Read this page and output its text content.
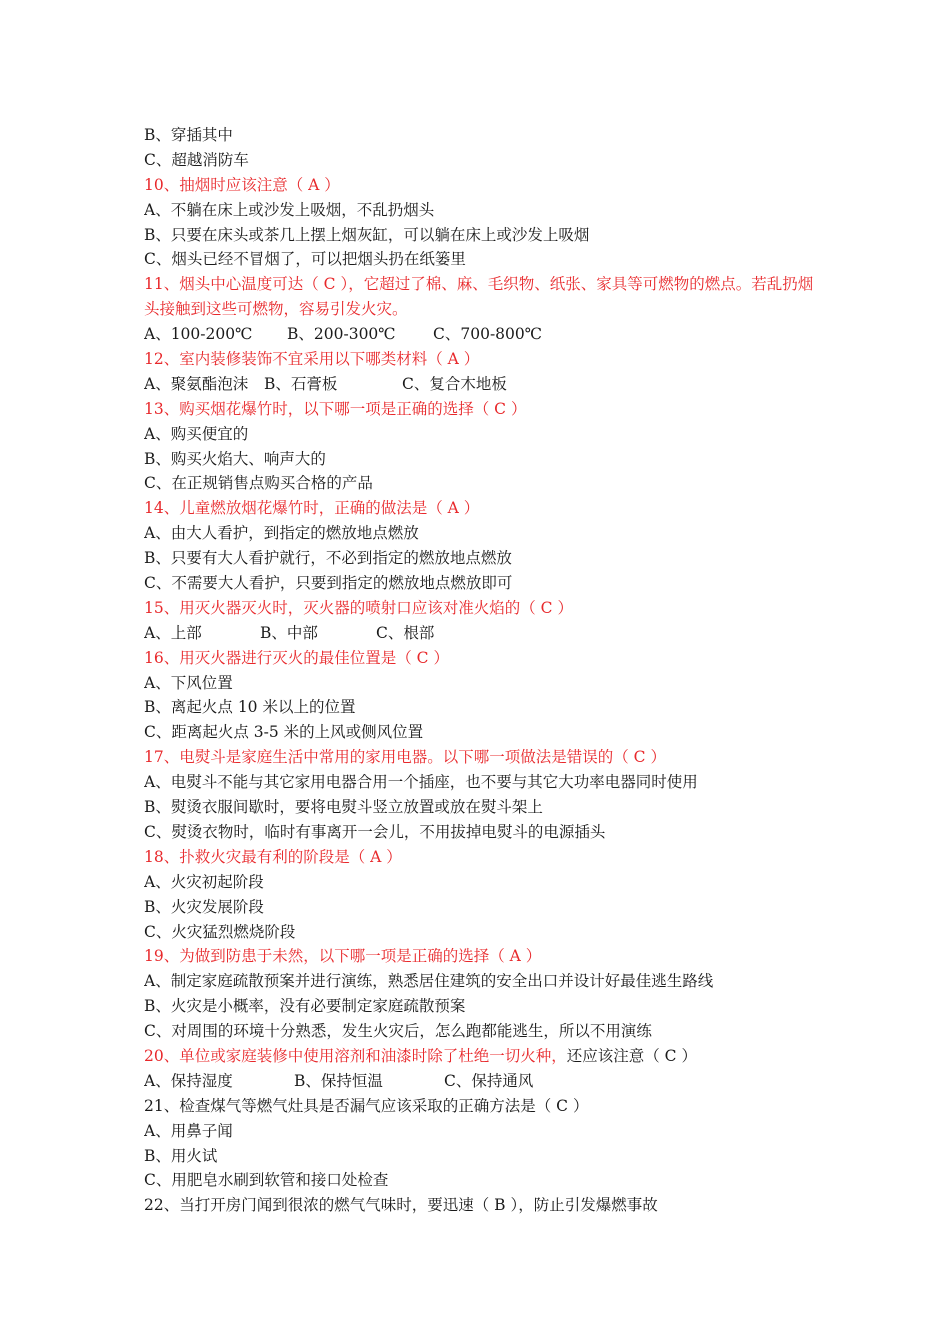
B、穿插其中
C、超越消防车
10、抽烟时应该注意（ A ）
A、不躺在床上或沙发上吸烟，不乱扔烟头
B、只要在床头或茶几上摆上烟灰缸，可以躺在床上或沙发上吸烟
C、烟头已经不冒烟了，可以把烟头扔在纸篓里
11、烟头中心温度可达（ C ），它超过了棉、麻、毛织物、纸张、家具等可燃物的燃点。若乱扔烟
头接触到这些可燃物，容易引发火灾。
A、100-200℃ B、200-300℃ C、700-800℃
12、室内装修装饰不宜采用以下哪类材料（ A ）
A、聚氨酯泡沫 B、石膏板	C、复合木地板
13、购买烟花爆竹时，以下哪一项是正确的选择（ C ）
A、购买便宜的
B、购买火焰大、响声大的
C、在正规销售点购买合格的产品
14、儿童燃放烟花爆竹时，正确的做法是（ A ）
A、由大人看护，到指定的燃放地点燃放
B、只要有大人看护就行，不必到指定的燃放地点燃放
C、不需要大人看护，只要到指定的燃放地点燃放即可
15、用灭火器灭火时，灭火器的喷射口应该对准火焰的（ C ）
A、上部	B、中部	C、根部
16、用灭火器进行灭火的最佳位置是（ C ）
A、下风位置
B、离起火点 10 米以上的位置
C、距离起火点 3-5 米的上风或侧风位置
17、电熨斗是家庭生活中常用的家用电器。以下哪一项做法是错误的（ C ）
A、电熨斗不能与其它家用电器合用一个插座，也不要与其它大功率电器同时使用
B、熨烫衣服间歇时，要将电熨斗竖立放置或放在熨斗架上
C、熨烫衣物时，临时有事离开一会儿，不用拔掉电熨斗的电源插头
18、扑救火灾最有利的阶段是（ A ）
A、火灾初起阶段
B、火灾发展阶段
C、火灾猛烈燃烧阶段
19、为做到防患于未然，以下哪一项是正确的选择（ A ）
A、制定家庭疏散预案并进行演练，熟悉居住建筑的安全出口并设计好最佳逃生路线
B、火灾是小概率，没有必要制定家庭疏散预案
C、对周围的环境十分熟悉，发生火灾后，怎么跑都能逃生，所以不用演练
20、单位或家庭装修中使用溶剂和油漆时除了杜绝一切火种，还应该注意（ C ）
A、保持湿度	B、保持恒温	C、保持通风
21、检查煤气等燃气灶具是否漏气应该采取的正确方法是（ C ）
A、用鼻子闻
B、用火试
C、用肥皂水刷到软管和接口处检查
22、当打开房门闻到很浓的燃气气味时，要迅速（ B ），防止引发爆燃事故
